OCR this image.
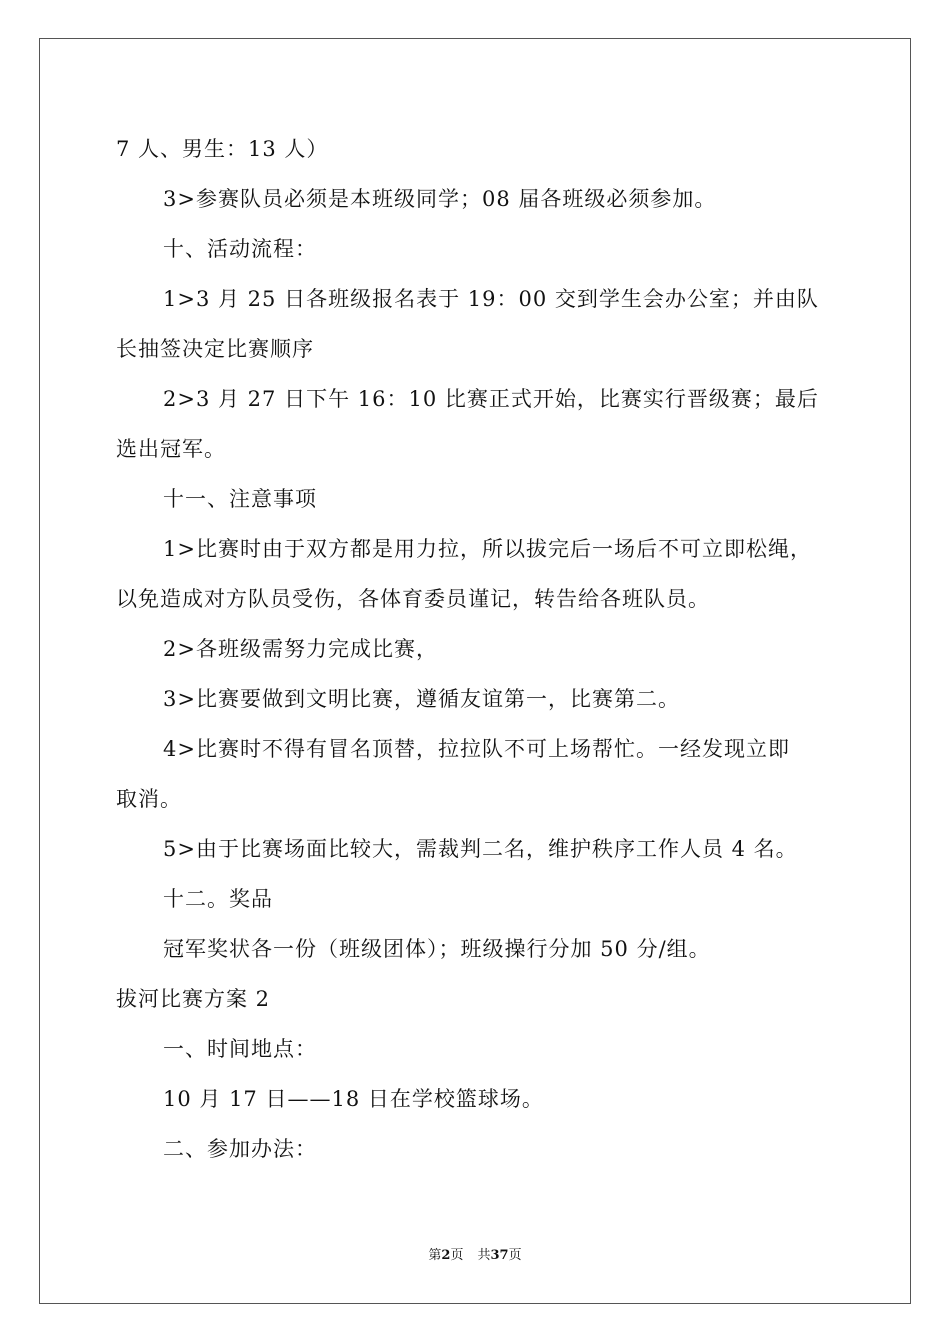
7 人、男生：13 人）
3>参赛队员必须是本班级同学；08 届各班级必须参加。
十、活动流程：
1>3 月 25 日各班级报名表于 19：00 交到学生会办公室；并由队
长抽签决定比赛顺序
2>3 月 27 日下午 16：10 比赛正式开始，比赛实行晋级赛；最后
选出冠军。
十一、注意事项
1>比赛时由于双方都是用力拉，所以拔完后一场后不可立即松绳，
以免造成对方队员受伤，各体育委员谨记，转告给各班队员。
2>各班级需努力完成比赛，
3>比赛要做到文明比赛，遵循友谊第一，比赛第二。
4>比赛时不得有冒名顶替，拉拉队不可上场帮忙。一经发现立即
取消。
5>由于比赛场面比较大，需裁判二名，维护秩序工作人员 4 名。
十二。奖品
冠军奖状各一份（班级团体）；班级操行分加 50 分/组。
拔河比赛方案 2
一、时间地点：
10 月 17 日——18 日在学校篮球场。
二、参加办法：
第2页 共37页
